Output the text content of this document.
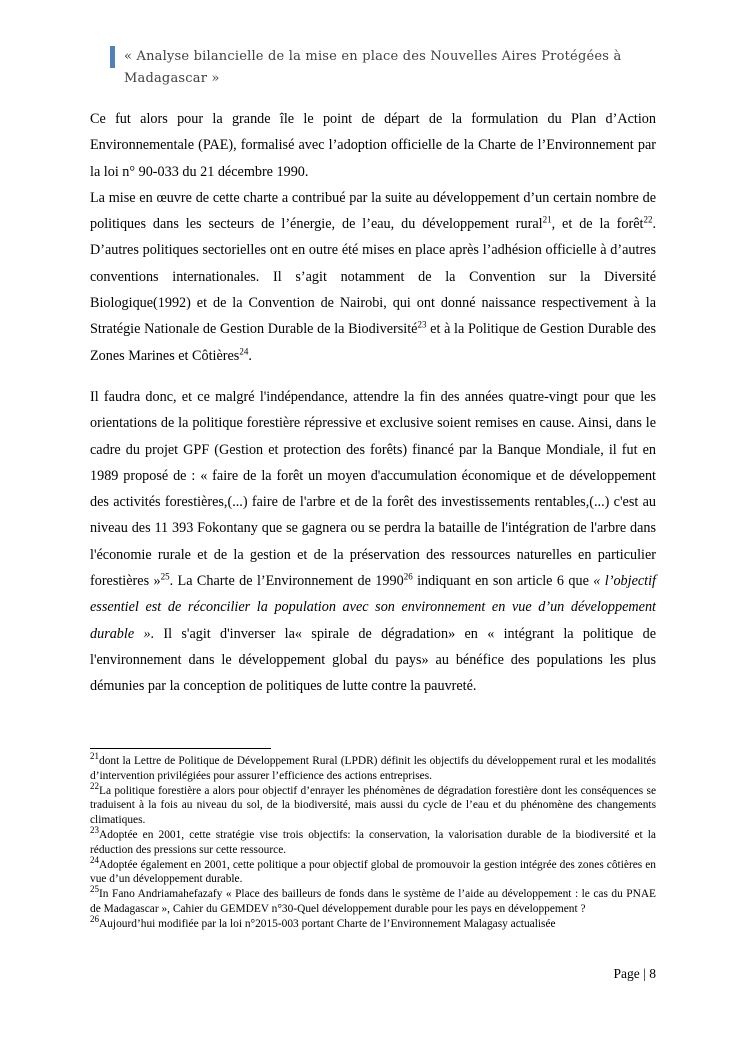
« Analyse bilancielle de la mise en place des Nouvelles Aires Protégées à Madagascar »

Ce fut alors pour la grande île le point de départ de la formulation du Plan d’Action Environnementale (PAE), formalisé avec l’adoption officielle de la Charte de l’Environnement par la loi n° 90-033 du 21 décembre 1990.

La mise en œuvre de cette charte a contribué par la suite au développement d’un certain nombre de politiques dans les secteurs de l’énergie, de l’eau, du développement rural$^{21}$, et de la forêt$^{22}$. D’autres politiques sectorielles ont en outre été mises en place après l’adhésion officielle à d’autres conventions internationales. Il s’agit notamment de la Convention sur la Diversité Biologique(1992) et de la Convention de Nairobi, qui ont donné naissance respectivement à la Stratégie Nationale de Gestion Durable de la Biodiversité$^{23}$ et à la Politique de Gestion Durable des Zones Marines et Côtières$^{24}$.

Il faudra donc, et ce malgré l'indépendance, attendre la fin des années quatre-vingt pour que les orientations de la politique forestière répressive et exclusive soient remises en cause. Ainsi, dans le cadre du projet GPF (Gestion et protection des forêts) financé par la Banque Mondiale, il fut en 1989 proposé de : « faire de la forêt un moyen d'accumulation économique et de développement des activités forestières,(...) faire de l'arbre et de la forêt des investissements rentables,(...) c'est au niveau des 11 393 Fokontany que se gagnera ou se perdra la bataille de l'intégration de l'arbre dans l'économie rurale et de la gestion et de la préservation des ressources naturelles en particulier forestières »$^{25}$. La Charte de l’Environnement de 1990$^{26}$ indiquant en son article 6 que « l’objectif essentiel est de réconcilier la population avec son environnement en vue d’un développement durable ». Il s'agit d'inverser la« spirale de dégradation» en « intégrant la politique de l'environnement dans le développement global du pays» au bénéfice des populations les plus démunies par la conception de politiques de lutte contre la pauvreté.

$^{21}$dont la Lettre de Politique de Développement Rural (LPDR) définit les objectifs du développement rural et les modalités d’intervention privilégiées pour assurer l’efficience des actions entreprises.
$^{22}$La politique forestière a alors pour objectif d’enrayer les phénomènes de dégradation forestière dont les conséquences se traduisent à la fois au niveau du sol, de la biodiversité, mais aussi du cycle de l’eau et du phénomène des changements climatiques.
$^{23}$Adoptée en 2001, cette stratégie vise trois objectifs: la conservation, la valorisation durable de la biodiversité et la réduction des pressions sur cette ressource.
$^{24}$Adoptée également en 2001, cette politique a pour objectif global de promouvoir la gestion intégrée des zones côtières en vue d’un développement durable.
$^{25}$In Fano Andriamahefazafy « Place des bailleurs de fonds dans le système de l’aide au développement : le cas du PNAE de Madagascar », Cahier du GEMDEV n°30-Quel développement durable pour les pays en développement ?
$^{26}$Aujourd’hui modifiée par la loi n°2015-003 portant Charte de l’Environnement Malagasy actualisée
Page | 8
